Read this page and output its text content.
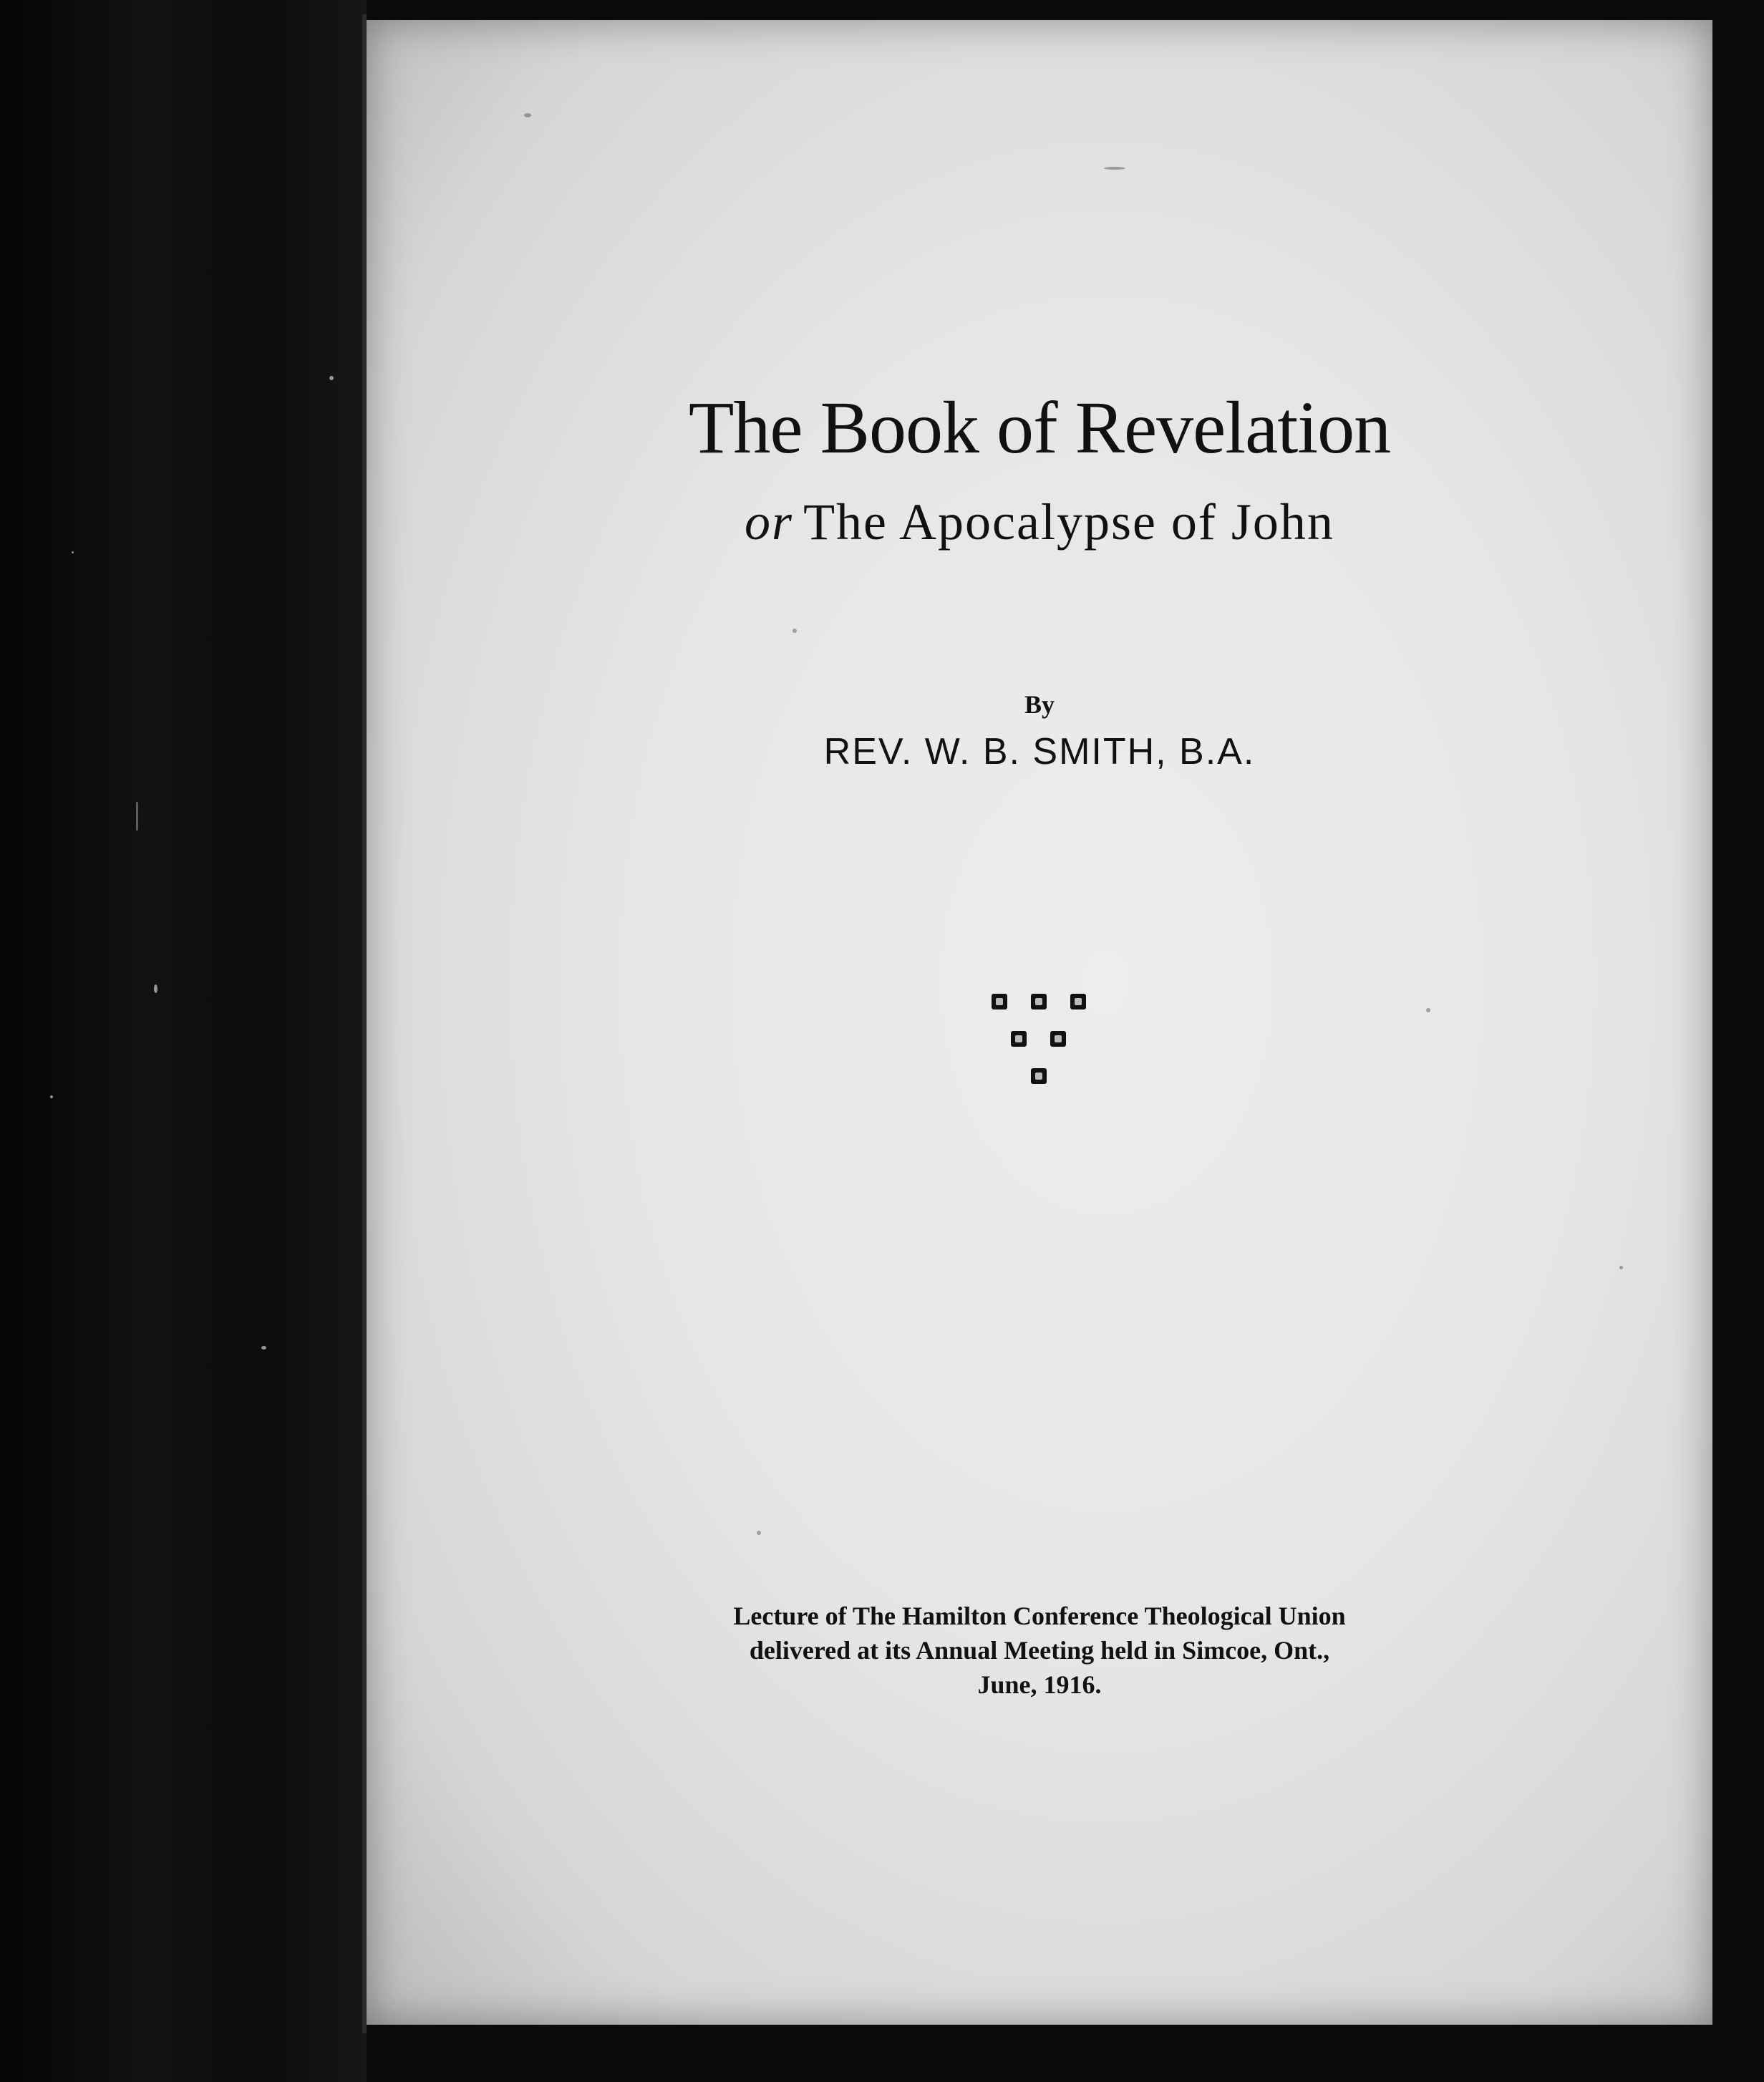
The Book of Revelation
or The Apocalypse of John
By
REV. W. B. SMITH, B.A.
Lecture of The Hamilton Conference Theological Union
delivered at its Annual Meeting held in Simcoe, Ont.,
June, 1916.
